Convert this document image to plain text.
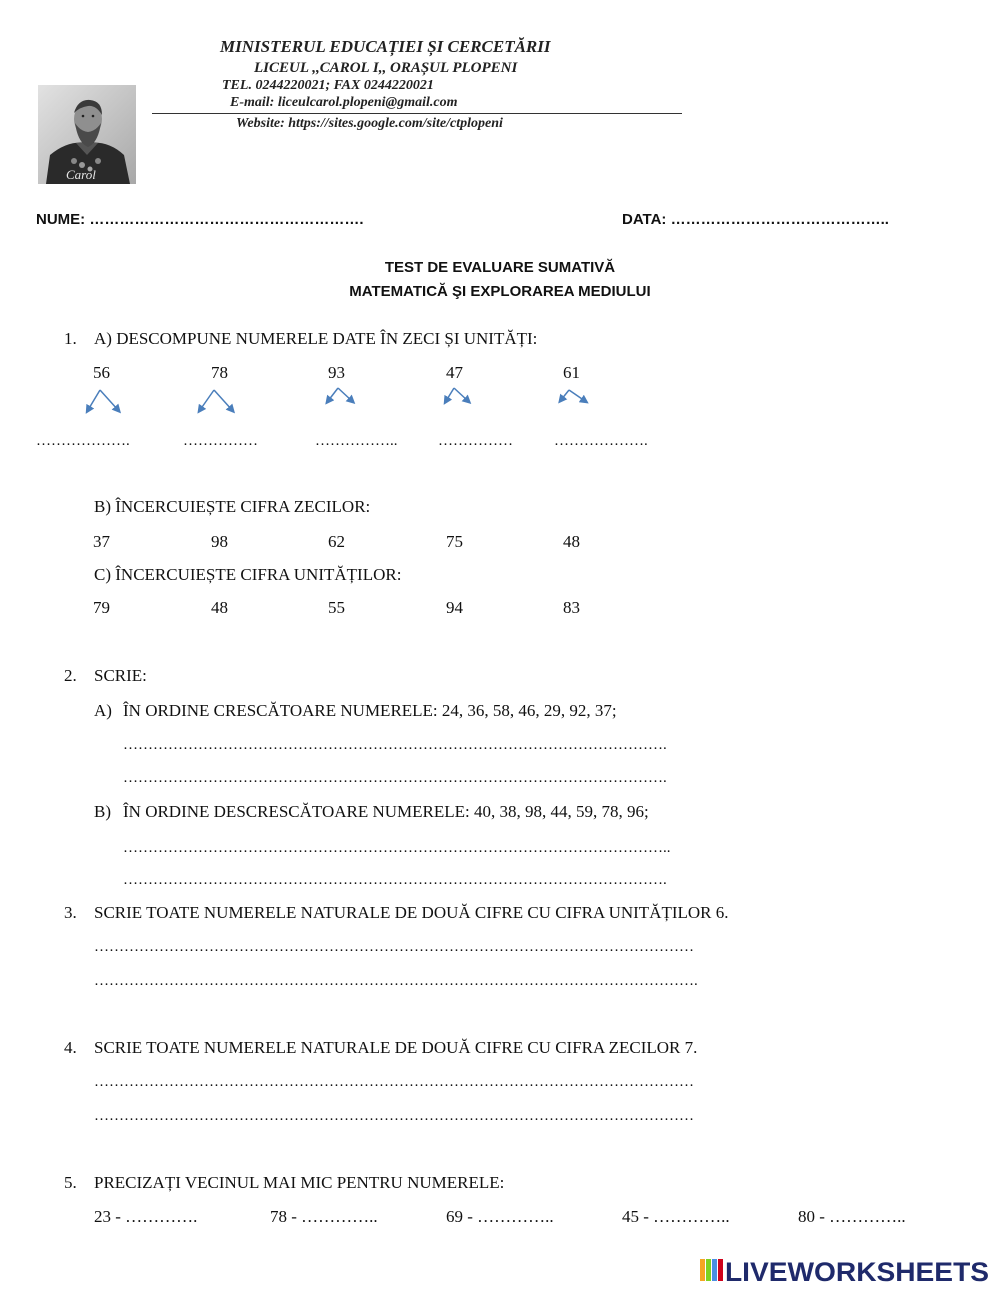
MINISTERUL EDUCAȚIEI ȘI CERCETĂRII
LICEUL ,,CAROL I,, ORAȘUL PLOPENI
TEL. 0244220021; FAX 0244220021
E-mail: liceulcarol.plopeni@gmail.com
Website: https://sites.google.com/site/ctplopeni
Carol
NUME: ……………………………………………….	DATA: ……………………………………..
TEST DE EVALUARE SUMATIVĂ
MATEMATICĂ ŞI EXPLORAREA MEDIULUI
1. A) DESCOMPUNE NUMERELE DATE ÎN ZECI ȘI UNITĂȚI:
56	78	93	47	61
……………….	……………	……………..	……………	……………….
B) ÎNCERCUIEȘTE CIFRA ZECILOR:
37	98	62	75	48
C) ÎNCERCUIEȘTE CIFRA UNITĂȚILOR:
79	48	55	94	83
2. SCRIE:
A) ÎN ORDINE CRESCĂTOARE NUMERELE: 24, 36, 58, 46, 29, 92, 37;
……………………………………………………………………………………………….
……………………………………………………………………………………………….
B) ÎN ORDINE DESCRESCĂTOARE NUMERELE: 40, 38, 98, 44, 59, 78, 96;
………………………………………………………………………………………………..
……………………………………………………………………………………………….
3. SCRIE TOATE NUMERELE NATURALE DE DOUĂ CIFRE CU CIFRA UNITĂȚILOR 6.
…………………………………………………………………………………………………………
………………………………………………………………………………………………………….
4. SCRIE TOATE NUMERELE NATURALE DE DOUĂ CIFRE CU CIFRA ZECILOR 7.
…………………………………………………………………………………………………………
…………………………………………………………………………………………………………
5. PRECIZAȚI VECINUL MAI MIC PENTRU NUMERELE:
23 - ………….	78 - …………..	69 - …………..	45 - …………..	80 - …………..
LIVEWORKSHEETS
